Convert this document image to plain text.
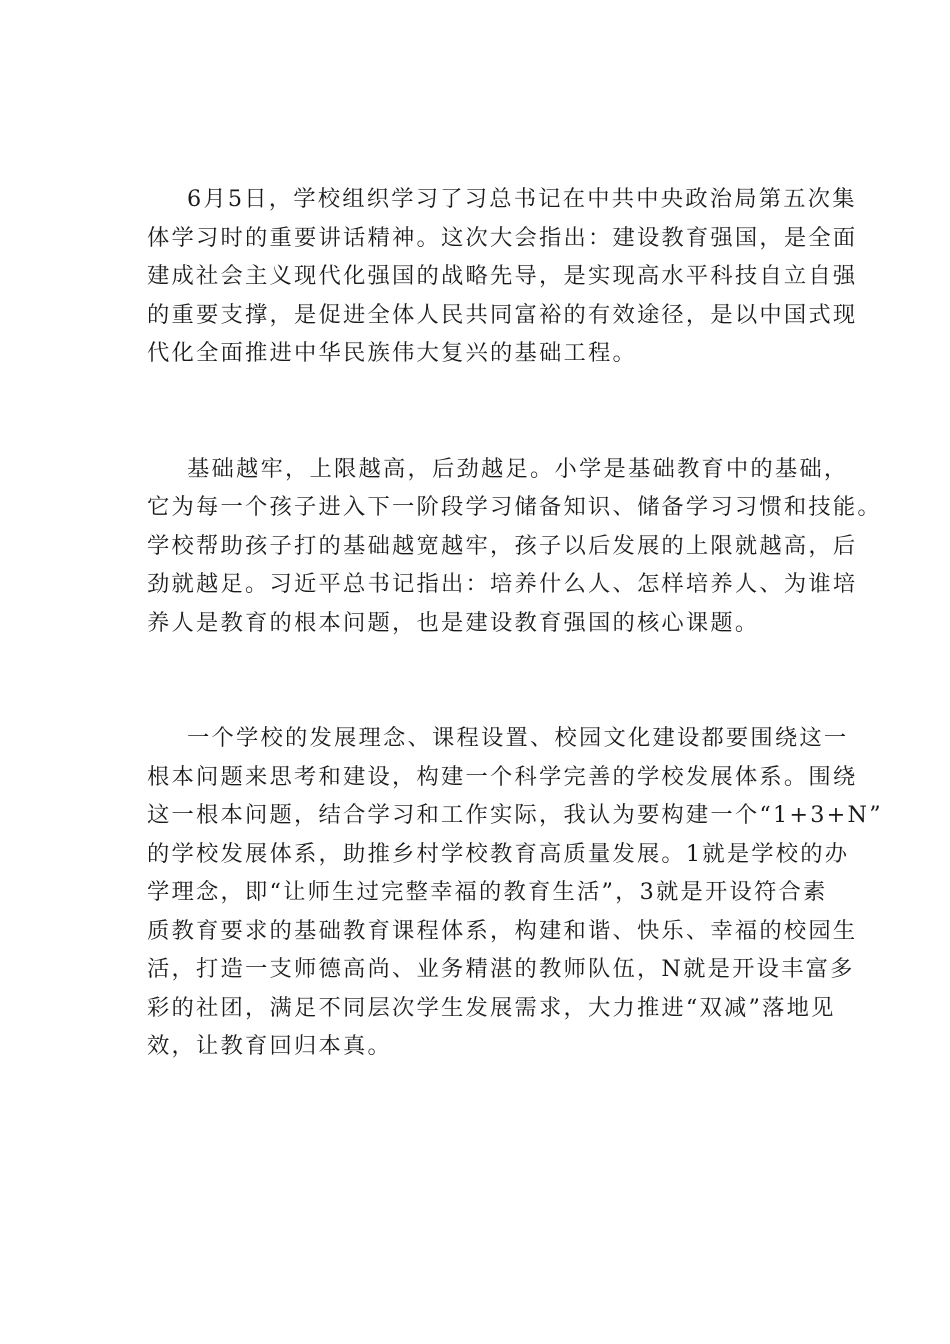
6月5日，学校组织学习了习总书记在中共中央政治局第五次集
体学习时的重要讲话精神。这次大会指出：建设教育强国，是全面
建成社会主义现代化强国的战略先导，是实现高水平科技自立自强
的重要支撑，是促进全体人民共同富裕的有效途径，是以中国式现
代化全面推进中华民族伟大复兴的基础工程。

基础越牢，上限越高，后劲越足。小学是基础教育中的基础，
它为每一个孩子进入下一阶段学习储备知识、储备学习习惯和技能。
学校帮助孩子打的基础越宽越牢，孩子以后发展的上限就越高，后
劲就越足。习近平总书记指出：培养什么人、怎样培养人、为谁培
养人是教育的根本问题，也是建设教育强国的核心课题。

一个学校的发展理念、课程设置、校园文化建设都要围绕这一
根本问题来思考和建设，构建一个科学完善的学校发展体系。围绕
这一根本问题，结合学习和工作实际，我认为要构建一个“1+3+N”
的学校发展体系，助推乡村学校教育高质量发展。1就是学校的办
学理念，即“让师生过完整幸福的教育生活”，3就是开设符合素
质教育要求的基础教育课程体系，构建和谐、快乐、幸福的校园生
活，打造一支师德高尚、业务精湛的教师队伍，N就是开设丰富多
彩的社团，满足不同层次学生发展需求，大力推进“双减”落地见
效，让教育回归本真。
